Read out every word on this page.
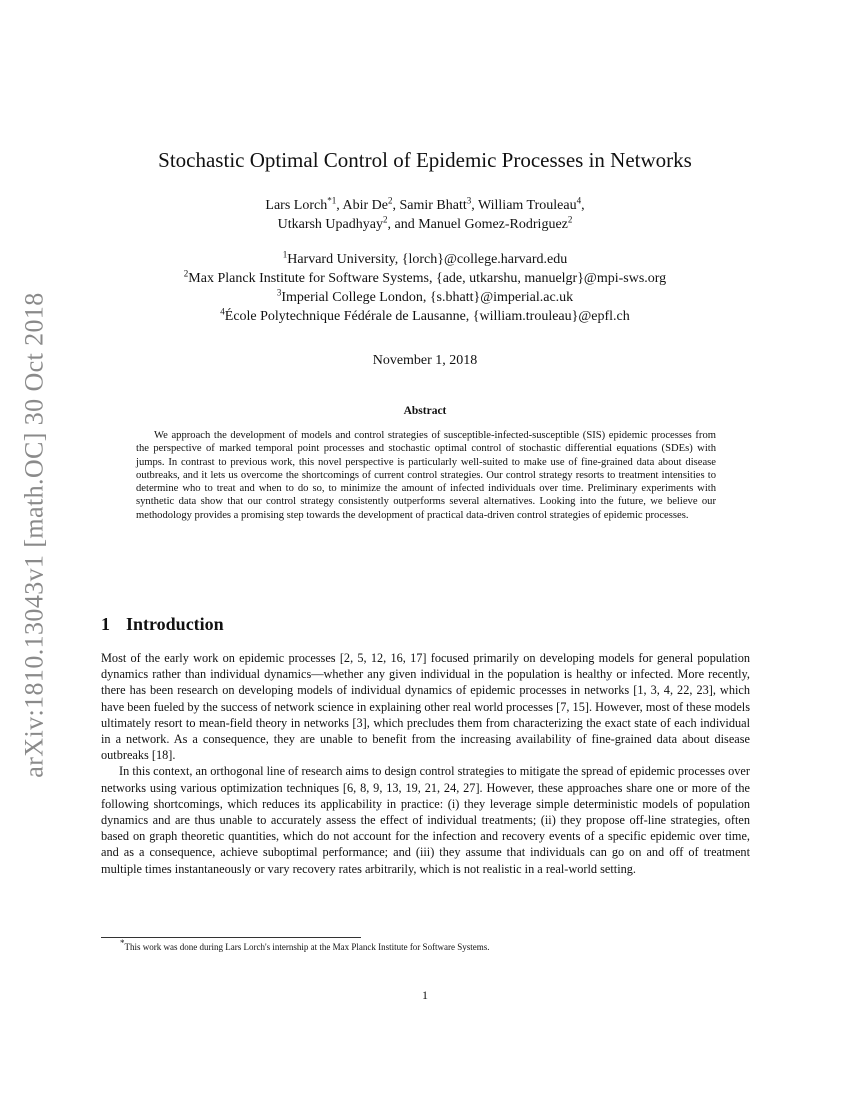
arXiv:1810.13043v1 [math.OC] 30 Oct 2018
Stochastic Optimal Control of Epidemic Processes in Networks
Lars Lorch$^{*1}$, Abir De$^2$, Samir Bhatt$^3$, William Trouleau$^4$,
Utkarsh Upadhyay$^2$, and Manuel Gomez-Rodriguez$^2$
$^1$Harvard University, {lorch}@college.harvard.edu
$^2$Max Planck Institute for Software Systems, {ade, utkarshu, manuelgr}@mpi-sws.org
$^3$Imperial College London, {s.bhatt}@imperial.ac.uk
$^4$École Polytechnique Fédérale de Lausanne, {william.trouleau}@epfl.ch
November 1, 2018
Abstract
We approach the development of models and control strategies of susceptible-infected-susceptible (SIS) epidemic processes from the perspective of marked temporal point processes and stochastic optimal control of stochastic differential equations (SDEs) with jumps. In contrast to previous work, this novel perspective is particularly well-suited to make use of fine-grained data about disease outbreaks, and it lets us overcome the shortcomings of current control strategies. Our control strategy resorts to treatment intensities to determine who to treat and when to do so, to minimize the amount of infected individuals over time. Preliminary experiments with synthetic data show that our control strategy consistently outperforms several alternatives. Looking into the future, we believe our methodology provides a promising step towards the development of practical data-driven control strategies of epidemic processes.
1 Introduction

Most of the early work on epidemic processes [2, 5, 12, 16, 17] focused primarily on developing models for general population dynamics rather than individual dynamics—whether any given individual in the population is healthy or infected. More recently, there has been research on developing models of individual dynamics of epidemic processes in networks [1, 3, 4, 22, 23], which have been fueled by the success of network science in explaining other real world processes [7, 15]. However, most of these models ultimately resort to mean-field theory in networks [3], which precludes them from characterizing the exact state of each individual in a network. As a consequence, they are unable to benefit from the increasing availability of fine-grained data about disease outbreaks [18].

In this context, an orthogonal line of research aims to design control strategies to mitigate the spread of epidemic processes over networks using various optimization techniques [6, 8, 9, 13, 19, 21, 24, 27]. However, these approaches share one or more of the following shortcomings, which reduces its applicability in practice: (i) they leverage simple deterministic models of population dynamics and are thus unable to accurately assess the effect of individual treatments; (ii) they propose off-line strategies, often based on graph theoretic quantities, which do not account for the infection and recovery events of a specific epidemic over time, and as a consequence, achieve suboptimal performance; and (iii) they assume that individuals can go on and off of treatment multiple times instantaneously or vary recovery rates arbitrarily, which is not realistic in a real-world setting.

*This work was done during Lars Lorch's internship at the Max Planck Institute for Software Systems.
1
